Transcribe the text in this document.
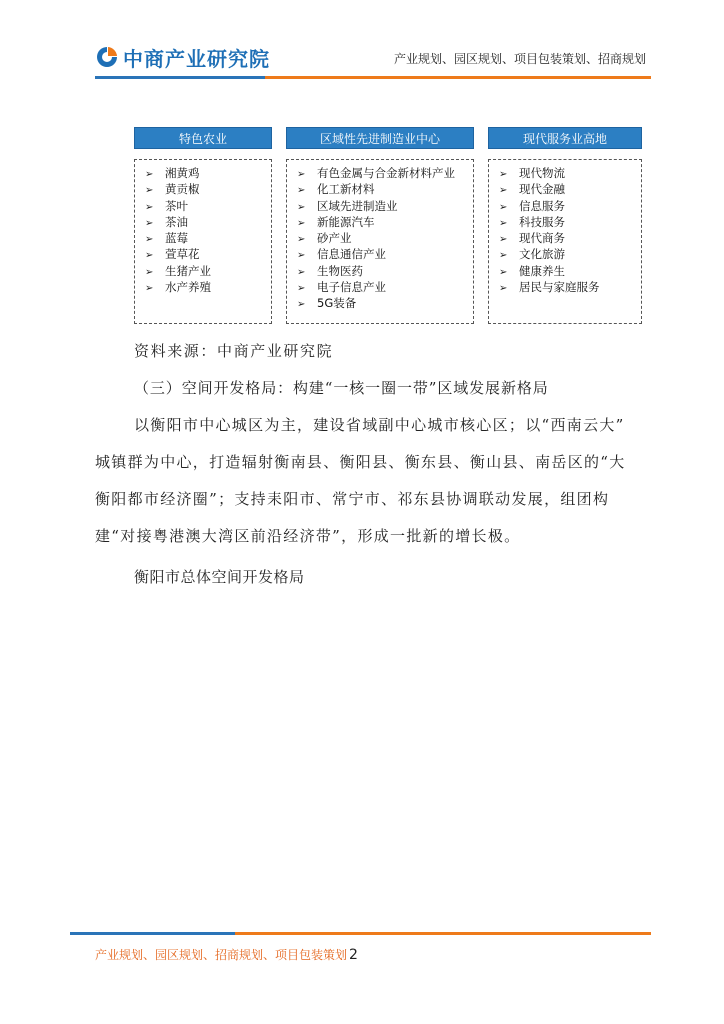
中商产业研究院	产业规划、园区规划、项目包装策划、招商规划
特色农业
➢ 湘黄鸡
➢ 黄贡椒
➢ 茶叶
➢ 茶油
➢ 蓝莓
➢ 萱草花
➢ 生猪产业
➢ 水产养殖
区域性先进制造业中心
➢ 有色金属与合金新材料产业
➢ 化工新材料
➢ 区域先进制造业
➢ 新能源汽车
➢ 砂产业
➢ 信息通信产业
➢ 生物医药
➢ 电子信息产业
➢ 5G装备
现代服务业高地
➢ 现代物流
➢ 现代金融
➢ 信息服务
➢ 科技服务
➢ 现代商务
➢ 文化旅游
➢ 健康养生
➢ 居民与家庭服务
资料来源：中商产业研究院
（三）空间开发格局：构建“一核一圈一带”区域发展新格局
以衡阳市中心城区为主，建设省域副中心城市核心区；以“西南云大”
城镇群为中心，打造辐射衡南县、衡阳县、衡东县、衡山县、南岳区的“大
衡阳都市经济圈”；支持耒阳市、常宁市、祁东县协调联动发展，组团构
建“对接粤港澳大湾区前沿经济带”，形成一批新的增长极。
衡阳市总体空间开发格局
产业规划、园区规划、招商规划、项目包装策划 2
